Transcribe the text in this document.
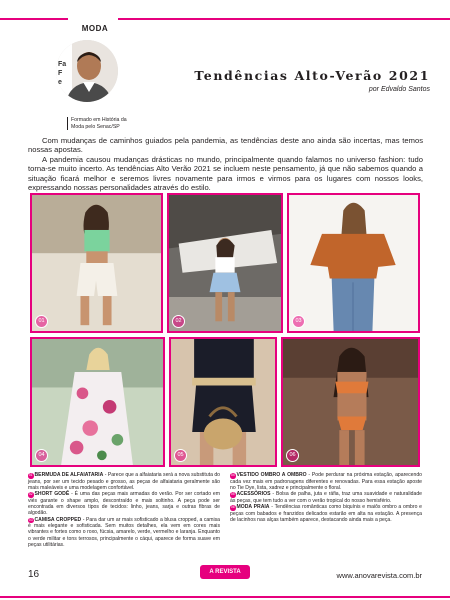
MODA
Fa
F
e	Tendências Alto-Verão 2021
por Edvaldo Santos
Formado em História da Moda pelo Senac/SP

Com mudanças de caminhos guiados pela pandemia, as tendências deste ano ainda são incertas, mas temos nossas apostas.

A pandemia causou mudanças drásticas no mundo, principalmente quando falamos no universo fashion: tudo torna-se muito incerto. As tendências Alto Verão 2021 se incluem neste pensamento, já que não sabemos quando a situação ficará melhor e seremos livres novamente para irmos e virmos para os lugares com nossos looks, expressando nossas personalidades através do estilo.

01	02	03
04	05	06

01 BERMUDA DE ALFAIATARIA - Parece que a alfaiataria será a nova substituta do jeans, por ser um tecido pesado e grosso, as peças de alfaiataria geralmente são mais maleáveis e uma modelagem confortável.

02 SHORT GODÊ - É uma das peças mais armadas do verão. Por ser cortado em viés garante o shape amplo, descontraído e mais soltinho. A peça pode ser encontrada em diversos tipos de tecidos: linho, jeans, sarja e outras fibras de algodão.

03 CAMISA CROPPED - Para dar um ar mais sofisticado a blusa cropped, a camisa é mais elegante e sofisticada. Sem muitos detalhes, ela vem em cores mais vibrantes e fortes como o roxo, fúcsia, amarelo, verde, vermelho e laranja. Enquanto o verde militar e tons terrosos, principalmente o cáqui, aparece de forma suave em peças utilitárias.

04 VESTIDO OMBRO A OMBRO - Pode perdurar na próxima estação, aparecendo cada vez mais em padronagens diferentes e renovadas. Para essa estação aposte no Tie Dye, lista, xadrez e principalmente o floral.

05 ACESSÓRIOS - Bolsa de palha, juta e ráfia, traz uma suavidade e naturalidade às peças, que tem tudo a ver com o verão tropical do nosso hemisfério.

06 MODA PRAIA - Tendências românticas como biquínis e maiôs ombro a ombro e peças com babados e franzidos delicados estarão em alta na estação. A presença de lacinhos nas alças também aparece, destacando ainda mais a peça.

16	A REVISTA	www.anovarevista.com.br
